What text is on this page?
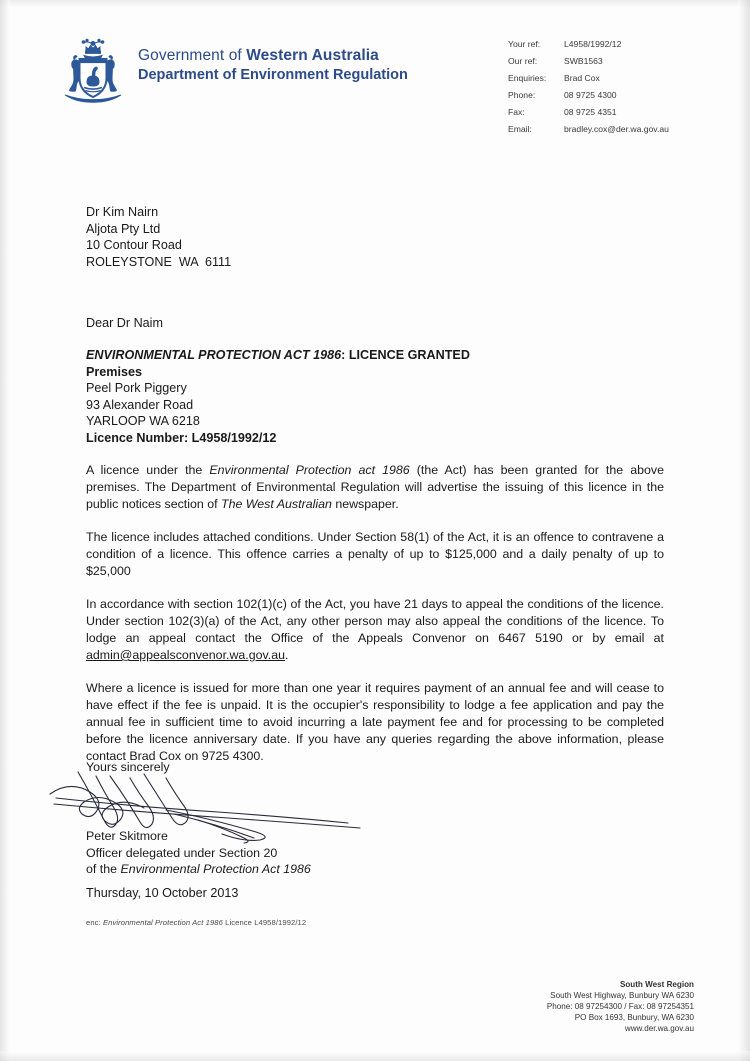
Government of Western Australia
Department of Environment Regulation
Your ref:	L4958/1992/12
Our ref:	SWB1563
Enquiries:	Brad Cox
Phone:	08 9725 4300
Fax:	08 9725 4351
Email:	bradley.cox@der.wa.gov.au
Dr Kim Nairn
Aljota Pty Ltd
10 Contour Road
ROLEYSTONE  WA  6111
Dear Dr Naim
ENVIRONMENTAL PROTECTION ACT 1986: LICENCE GRANTED
Premises
Peel Pork Piggery
93 Alexander Road
YARLOOP WA 6218
Licence Number: L4958/1992/12

A licence under the Environmental Protection act 1986 (the Act) has been granted for the above premises. The Department of Environmental Regulation will advertise the issuing of this licence in the public notices section of The West Australian newspaper.

The licence includes attached conditions. Under Section 58(1) of the Act, it is an offence to contravene a condition of a licence. This offence carries a penalty of up to $125,000 and a daily penalty of up to $25,000

In accordance with section 102(1)(c) of the Act, you have 21 days to appeal the conditions of the licence. Under section 102(3)(a) of the Act, any other person may also appeal the conditions of the licence. To lodge an appeal contact the Office of the Appeals Convenor on 6467 5190 or by email at admin@appealsconvenor.wa.gov.au.

Where a licence is issued for more than one year it requires payment of an annual fee and will cease to have effect if the fee is unpaid. It is the occupier's responsibility to lodge a fee application and pay the annual fee in sufficient time to avoid incurring a late payment fee and for processing to be completed before the licence anniversary date. If you have any queries regarding the above information, please contact Brad Cox on 9725 4300.

Yours sincerely
Peter Skitmore
Officer delegated under Section 20
of the Environmental Protection Act 1986
Thursday, 10 October 2013
enc: Environmental Protection Act 1986 Licence L4958/1992/12
South West Region
South West Highway, Bunbury WA 6230
Phone: 08 97254300 / Fax: 08 97254351
PO Box 1693, Bunbury, WA 6230
www.der.wa.gov.au
